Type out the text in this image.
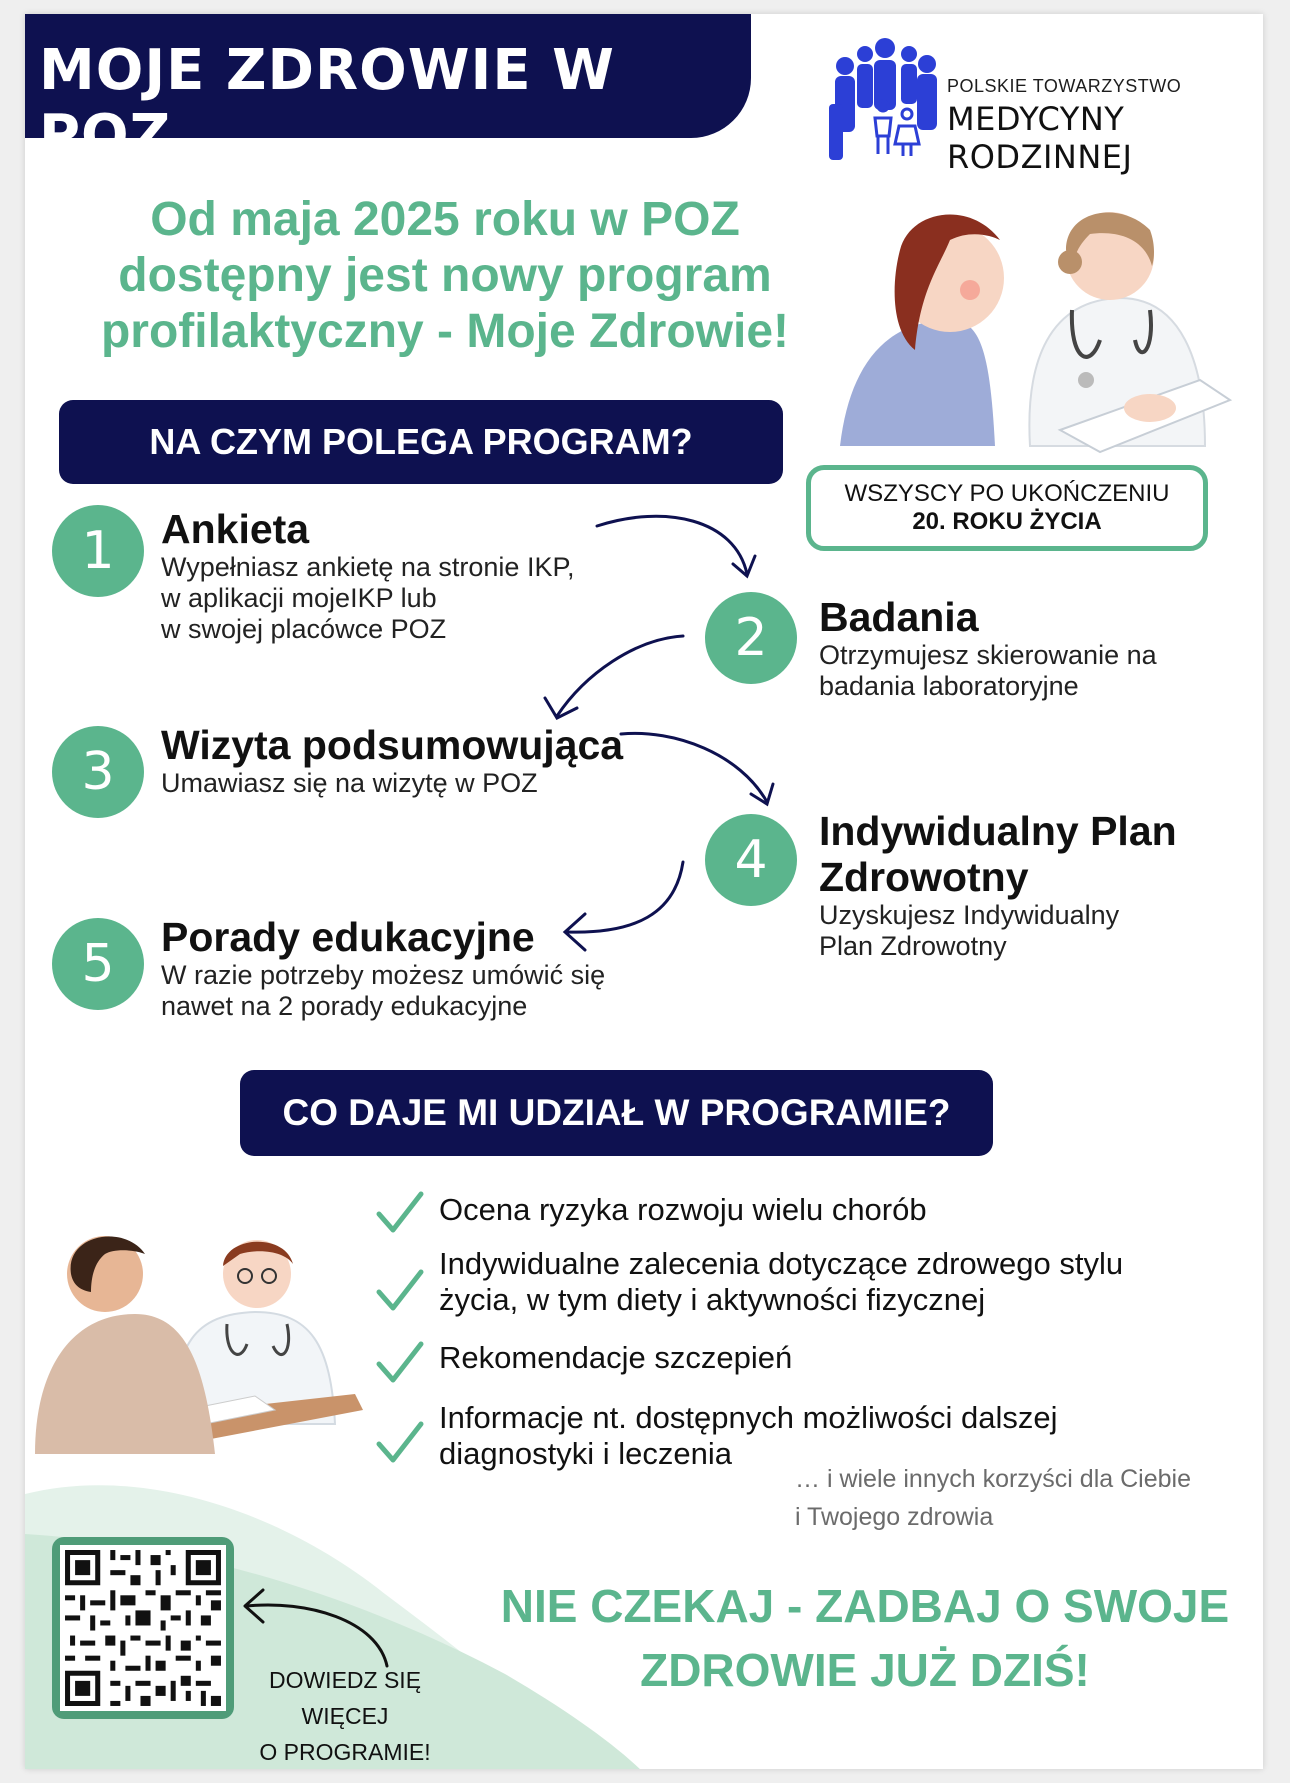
MOJE ZDROWIE W POZ
POLSKIE TOWARZYSTWO
MEDYCYNY RODZINNEJ
Od maja 2025 roku w POZ
dostępny jest nowy program
profilaktyczny - Moje Zdrowie!
WSZYSCY PO UKOŃCZENIU
20. ROKU ŻYCIA
NA CZYM POLEGA PROGRAM?
1	Ankieta
Wypełniasz ankietę na stronie IKP,
w aplikacji mojeIKP lub
w swojej placówce POZ	2	Badania
Otrzymujesz skierowanie na
badania laboratoryjne
3	Wizyta podsumowująca
Umawiasz się na wizytę w POZ
4	Indywidualny Plan
Zdrowotny
Uzyskujesz Indywidualny
Plan Zdrowotny
5	Porady edukacyjne
W razie potrzeby możesz umówić się
nawet na 2 porady edukacyjne
CO DAJE MI UDZIAŁ W PROGRAMIE?
Ocena ryzyka rozwoju wielu chorób
Indywidualne zalecenia dotyczące zdrowego stylu
życia, w tym diety i aktywności fizycznej
Rekomendacje szczepień
Informacje nt. dostępnych możliwości dalszej
diagnostyki i leczenia
… i wiele innych korzyści dla Ciebie
i Twojego zdrowia
DOWIEDZ SIĘ WIĘCEJ
O PROGRAMIE!
NIE CZEKAJ - ZADBAJ O SWOJE
ZDROWIE JUŻ DZIŚ!
